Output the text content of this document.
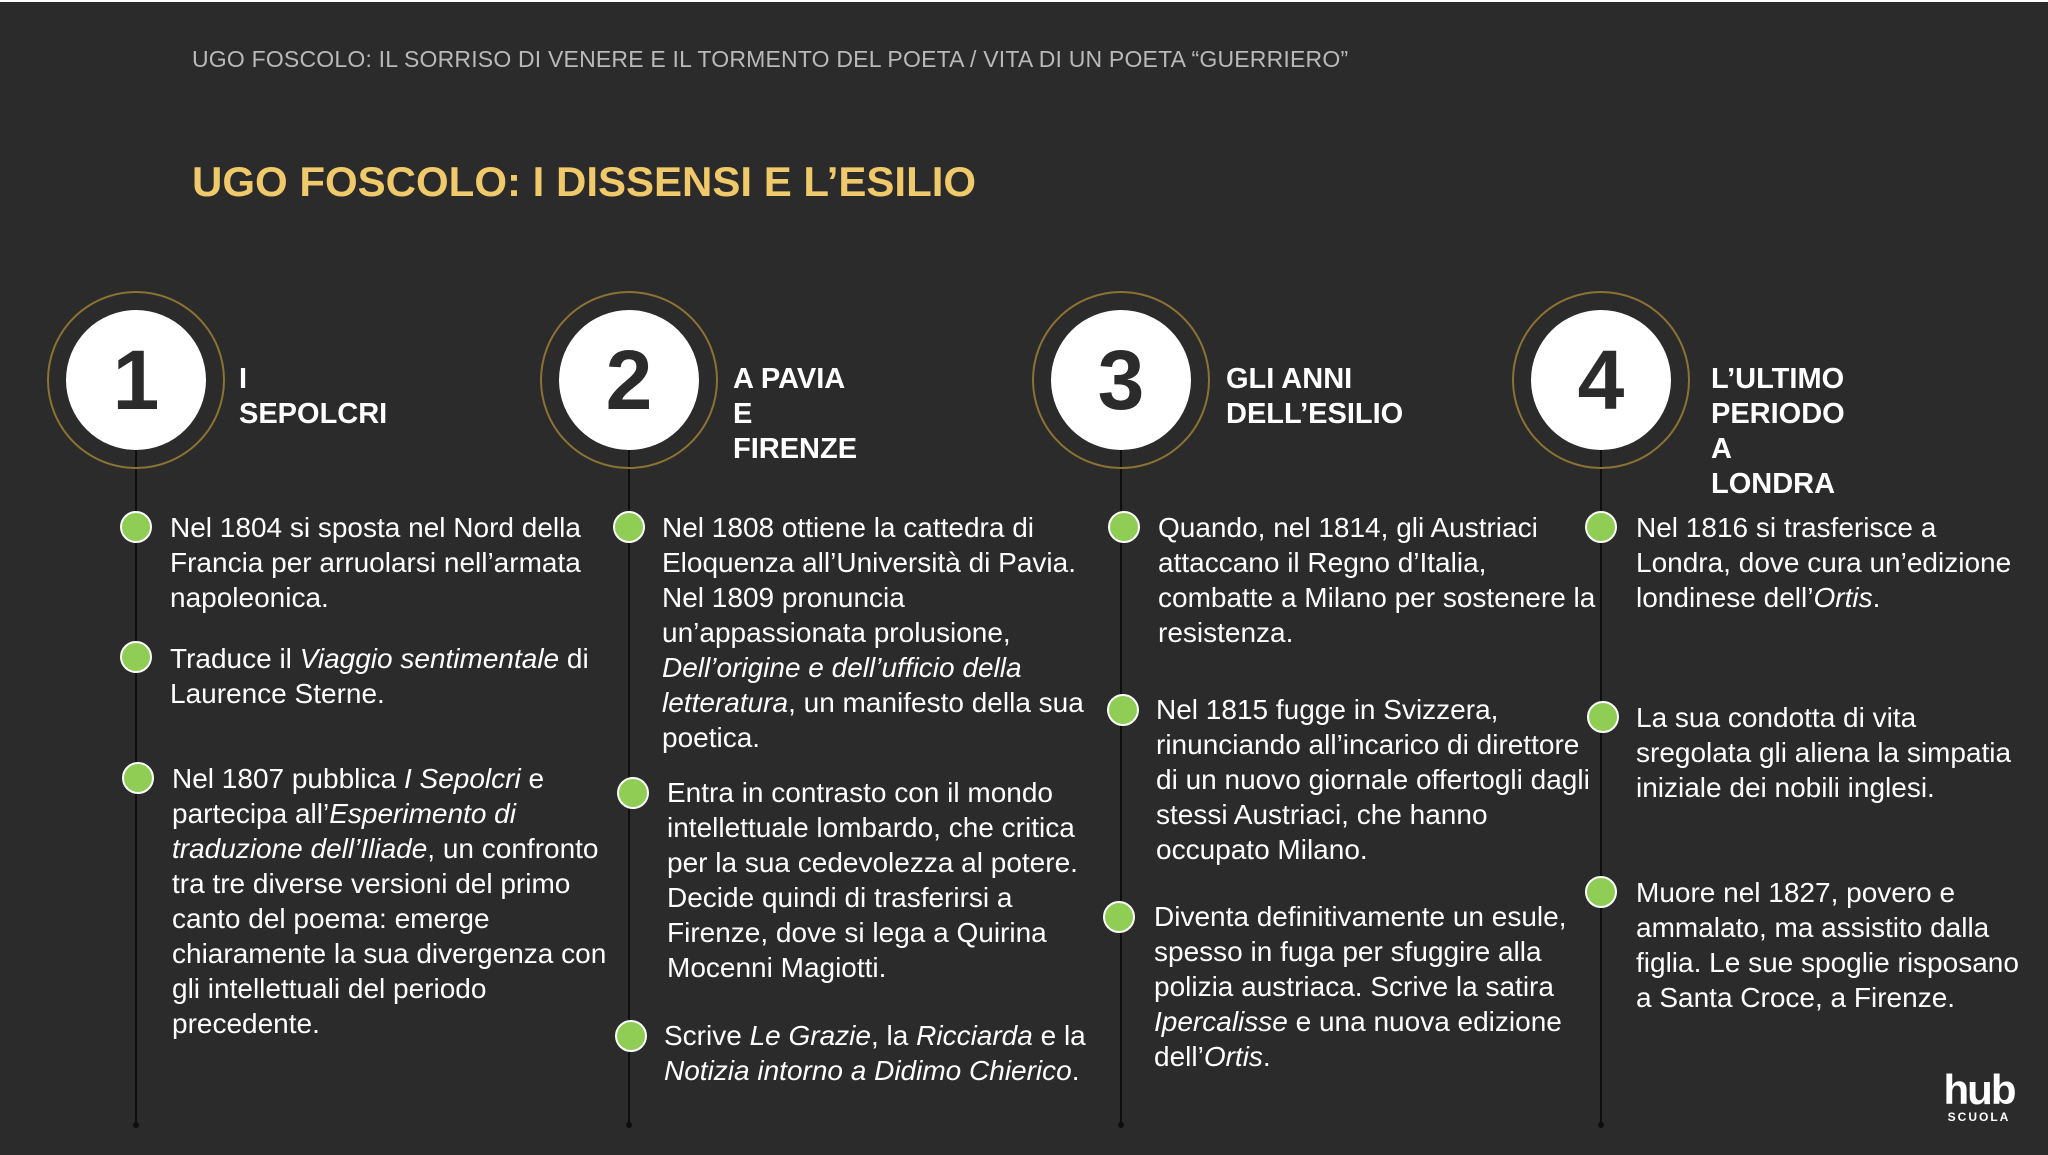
UGO FOSCOLO: IL SORRISO DI VENERE E IL TORMENTO DEL POETA / VITA DI UN POETA “GUERRIERO”
UGO FOSCOLO: I DISSENSI E L’ESILIO
1	I SEPOLCRI
Nel 1804 si sposta nel Nord della Francia per arruolarsi nell’armata napoleonica.
Traduce il Viaggio sentimentale di Laurence Sterne.
Nel 1807 pubblica I Sepolcri e partecipa all’Esperimento di traduzione dell’Iliade, un confronto tra tre diverse versioni del primo canto del poema: emerge chiaramente la sua divergenza con gli intellettuali del periodo precedente.
2	A PAVIA
E FIRENZE
Nel 1808 ottiene la cattedra di Eloquenza all’Università di Pavia. Nel 1809 pronuncia un’appassionata prolusione, Dell’origine e dell’ufficio della letteratura, un manifesto della sua poetica.
Entra in contrasto con il mondo intellettuale lombardo, che critica per la sua cedevolezza al potere. Decide quindi di trasferirsi a Firenze, dove si lega a Quirina Mocenni Magiotti.
Scrive Le Grazie, la Ricciarda e la Notizia intorno a Didimo Chierico.
3	GLI ANNI
DELL’ESILIO
Quando, nel 1814, gli Austriaci attaccano il Regno d’Italia, combatte a Milano per sostenere la resistenza.
Nel 1815 fugge in Svizzera, rinunciando all’incarico di direttore di un nuovo giornale offertogli dagli stessi Austriaci, che hanno occupato Milano.
Diventa definitivamente un esule, spesso in fuga per sfuggire alla polizia austriaca. Scrive la satira Ipercalisse e una nuova edizione dell’Ortis.
4	L’ULTIMO PERIODO A
LONDRA
Nel 1816 si trasferisce a Londra, dove cura un’edizione londinese dell’Ortis.
La sua condotta di vita sregolata gli aliena la simpatia iniziale dei nobili inglesi.
Muore nel 1827, povero e ammalato, ma assistito dalla figlia. Le sue spoglie risposano a Santa Croce, a Firenze.
hub
SCUOLA
